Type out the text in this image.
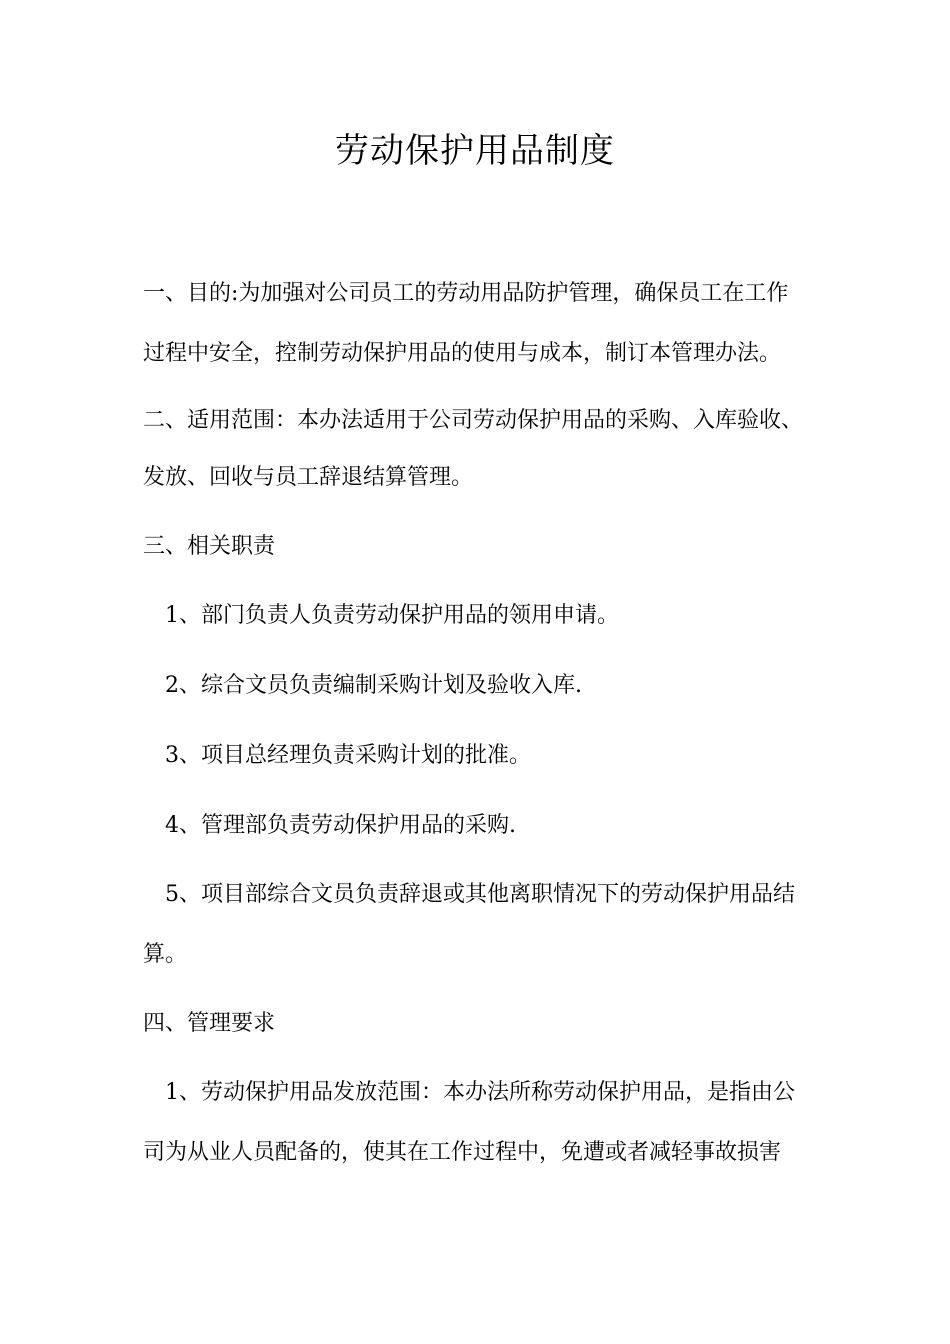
劳动保护用品制度
一、目的:为加强对公司员工的劳动用品防护管理，确保员工在工作
过程中安全，控制劳动保护用品的使用与成本，制订本管理办法。
二、适用范围：本办法适用于公司劳动保护用品的采购、入库验收、
发放、回收与员工辞退结算管理。
三、相关职责
1、部门负责人负责劳动保护用品的领用申请。
2、综合文员负责编制采购计划及验收入库.
3、项目总经理负责采购计划的批准。
4、管理部负责劳动保护用品的采购.
5、项目部综合文员负责辞退或其他离职情况下的劳动保护用品结
算。
四、管理要求
1、劳动保护用品发放范围：本办法所称劳动保护用品，是指由公
司为从业人员配备的，使其在工作过程中，免遭或者减轻事故损害
